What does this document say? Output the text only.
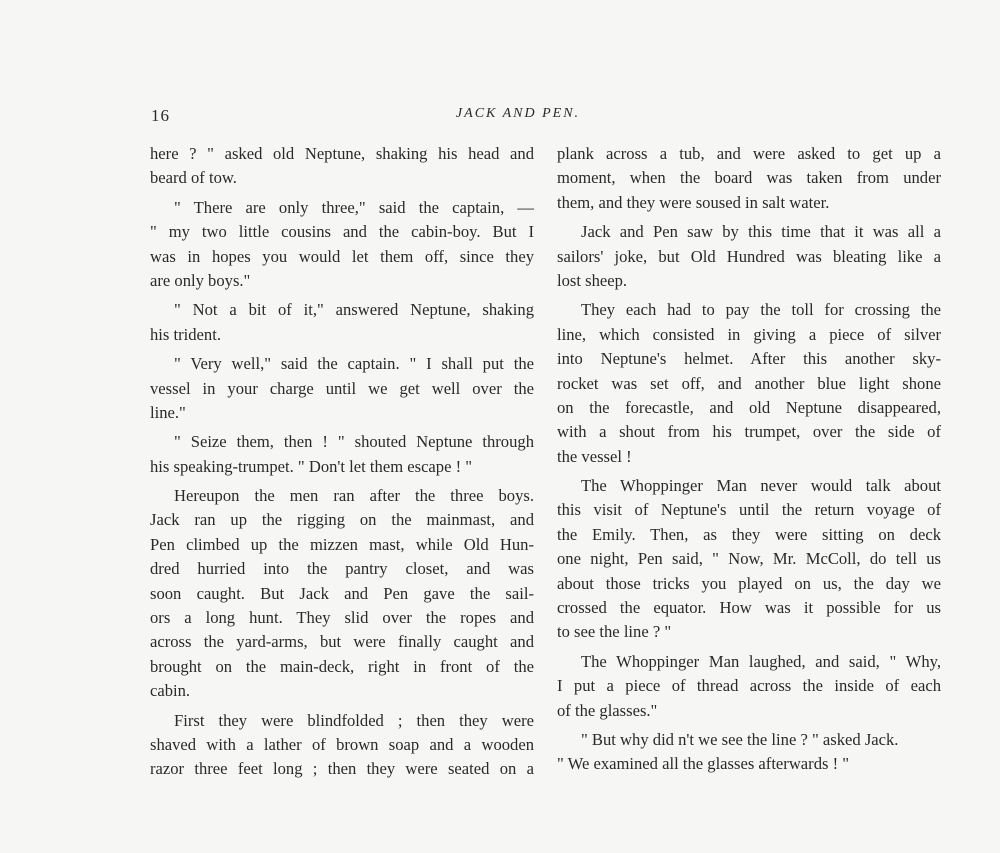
16	JACK AND PEN.
here ? " asked old Neptune, shaking his head and
beard of tow.
" There are only three," said the captain, —
" my two little cousins and the cabin-boy. But I
was in hopes you would let them off, since they
are only boys."
" Not a bit of it," answered Neptune, shaking
his trident.
" Very well," said the captain. " I shall put the
vessel in your charge until we get well over the
line."
" Seize them, then ! " shouted Neptune through
his speaking-trumpet. " Don't let them escape ! "
Hereupon the men ran after the three boys.
Jack ran up the rigging on the mainmast, and
Pen climbed up the mizzen mast, while Old Hun-
dred hurried into the pantry closet, and was
soon caught. But Jack and Pen gave the sail-
ors a long hunt. They slid over the ropes and
across the yard-arms, but were finally caught and
brought on the main-deck, right in front of the
cabin.
First they were blindfolded ; then they were
shaved with a lather of brown soap and a wooden
razor three feet long ; then they were seated on a
plank across a tub, and were asked to get up a
moment, when the board was taken from under
them, and they were soused in salt water.
Jack and Pen saw by this time that it was all a
sailors' joke, but Old Hundred was bleating like a
lost sheep.
They each had to pay the toll for crossing the
line, which consisted in giving a piece of silver
into Neptune's helmet. After this another sky-
rocket was set off, and another blue light shone
on the forecastle, and old Neptune disappeared,
with a shout from his trumpet, over the side of
the vessel !
The Whoppinger Man never would talk about
this visit of Neptune's until the return voyage of
the Emily. Then, as they were sitting on deck
one night, Pen said, " Now, Mr. McColl, do tell us
about those tricks you played on us, the day we
crossed the equator. How was it possible for us
to see the line ? "
The Whoppinger Man laughed, and said, " Why,
I put a piece of thread across the inside of each
of the glasses."
" But why did n't we see the line ? " asked Jack.
" We examined all the glasses afterwards ! "
